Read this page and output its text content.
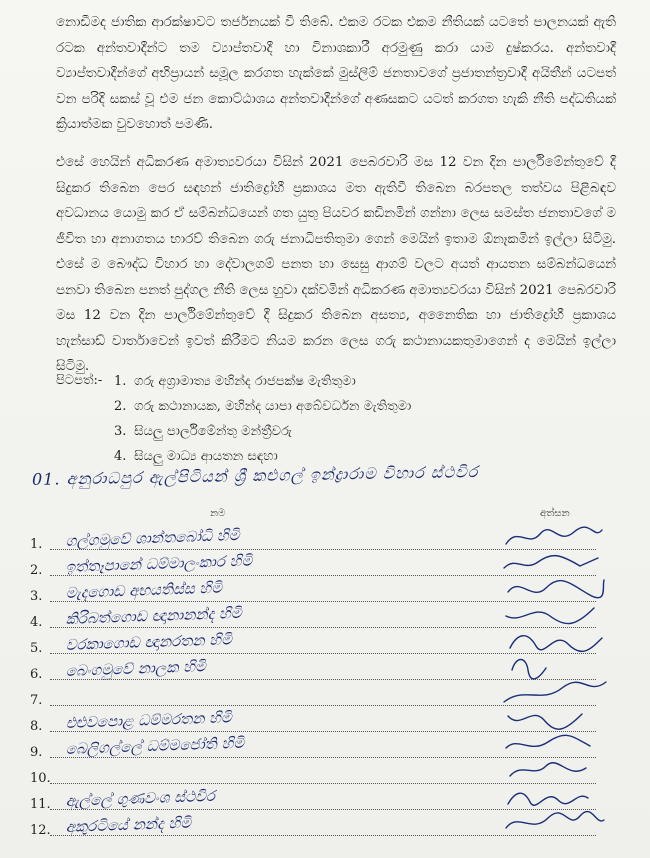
නොඩීමද ජාතික ආරක්ෂාවට තර්ජනයක් වී තිබේ. එකම රටක එකම නීතියක් යටතේ පාලනයක් ඇති රටක අන්තවාදීන්ට තම ව්‍යාප්තවාදී හා විනාශකාරී අරමුණු කරා යාම දුෂ්කරය. අන්තවාදී ව්‍යාප්තවාදීන්ගේ අභිප්‍රායන් සමූල කරගත හැක්කේ මුස්ලිම් ජනතාවගේ ප්‍රජාතන්ත්‍රවාදී අයිතීන් යටපත් වන පරිදි සකස් වූ එම ජන කොට්ඨාශය අන්තවාදීන්ගේ අණසකට යටත් කරගත හැකි නීති පද්ධතියක් ක්‍රියාත්මක වුවහොත් පමණි.

එසේ හෙයින් අධිකරණ අමාත්‍යවරයා විසින් 2021 පෙබරවාරි මස 12 වන දින පාර්ලිමේන්තුවේ දී සිදුකර තිබෙන පෙර සඳහන් ජාතිද්‍රෝහී ප්‍රකාශය මත ඇතිවී තිබෙන බරපතල තත්වය පිළිබඳව අවධානය යොමු කර ඒ සම්බන්ධයෙන් ගත යුතු පියවර කඩිනමින් ගන්නා ලෙස සමස්ත ජනතාවගේ ම ජීවිත හා අනාගතය භාරව් තිබෙන ගරු ජනාධිපතිතුමා ගෙන් මෙයින් ඉතාම ඕනෑකමින් ඉල්ලා සිටිමු. එසේ ම බෞද්ධ විහාර හා දේවාලගම් පනත හා සෙසු ආගම් වලට අයත් ආයතන සම්බන්ධයෙන් පනවා තිබෙන පනත් පුද්ගල නීති ලෙස හුවා දක්වමින් අධිකරණ අමාත්‍යවරයා විසින් 2021 පෙබරවාරි මස 12 වන දින පාර්ලිමේන්තුවේ දී සිදුකර තිබෙන අසත්‍ය, අනෛතික හා ජාතිද්‍රෝහී ප්‍රකාශය හැන්සාඩ් වාර්තාවෙන් ඉවත් කිරීමට නියම කරන ලෙස ගරු කථානායකතුමාගෙන් ද මෙයින් ඉල්ලා සිටිමු.

පිටපත්:- 1. ගරු අග්‍රාමාත්‍ය මහින්ද රාජපක්ෂ මැතිතුමා
2. ගරු කථානායක, මහින්ද යාපා අබේවර්ධන මැතිතුමා
3. සියලු පාර්ලිමේන්තු මන්ත්‍රීවරු
4. සියලු මාධ්‍ය ආයතන සඳහා
01. අනුරාධපුර ඇල්පිටියන් ශ්‍රී කළුගල් ඉන්ද්‍රාරාම විහාර ස්ථවිර
නම	අත්සන
1. ගල්ගමුවේ ශාන්තබෝධි හිමි
2. ඉත්තෑපානේ ධම්මාලංකාර හිමි
3. මැදගොඩ අභයතිස්ස හිමි
4. කිරිබත්ගොඩ ඥානානන්ද හිමි
5. වරකාගොඩ ඥානරතන හිමි
6. බෙංගමුවේ නාලක හිමි
7.
8. එළුවපොළ ධම්මරතන හිමි
9. බෙලිගල්ලේ ධම්මජෝති හිමි
10.
11. ඇල්ලේ ගුණවංශ ස්ථවිර
12. අකුරටියේ නන්ද හිමි
